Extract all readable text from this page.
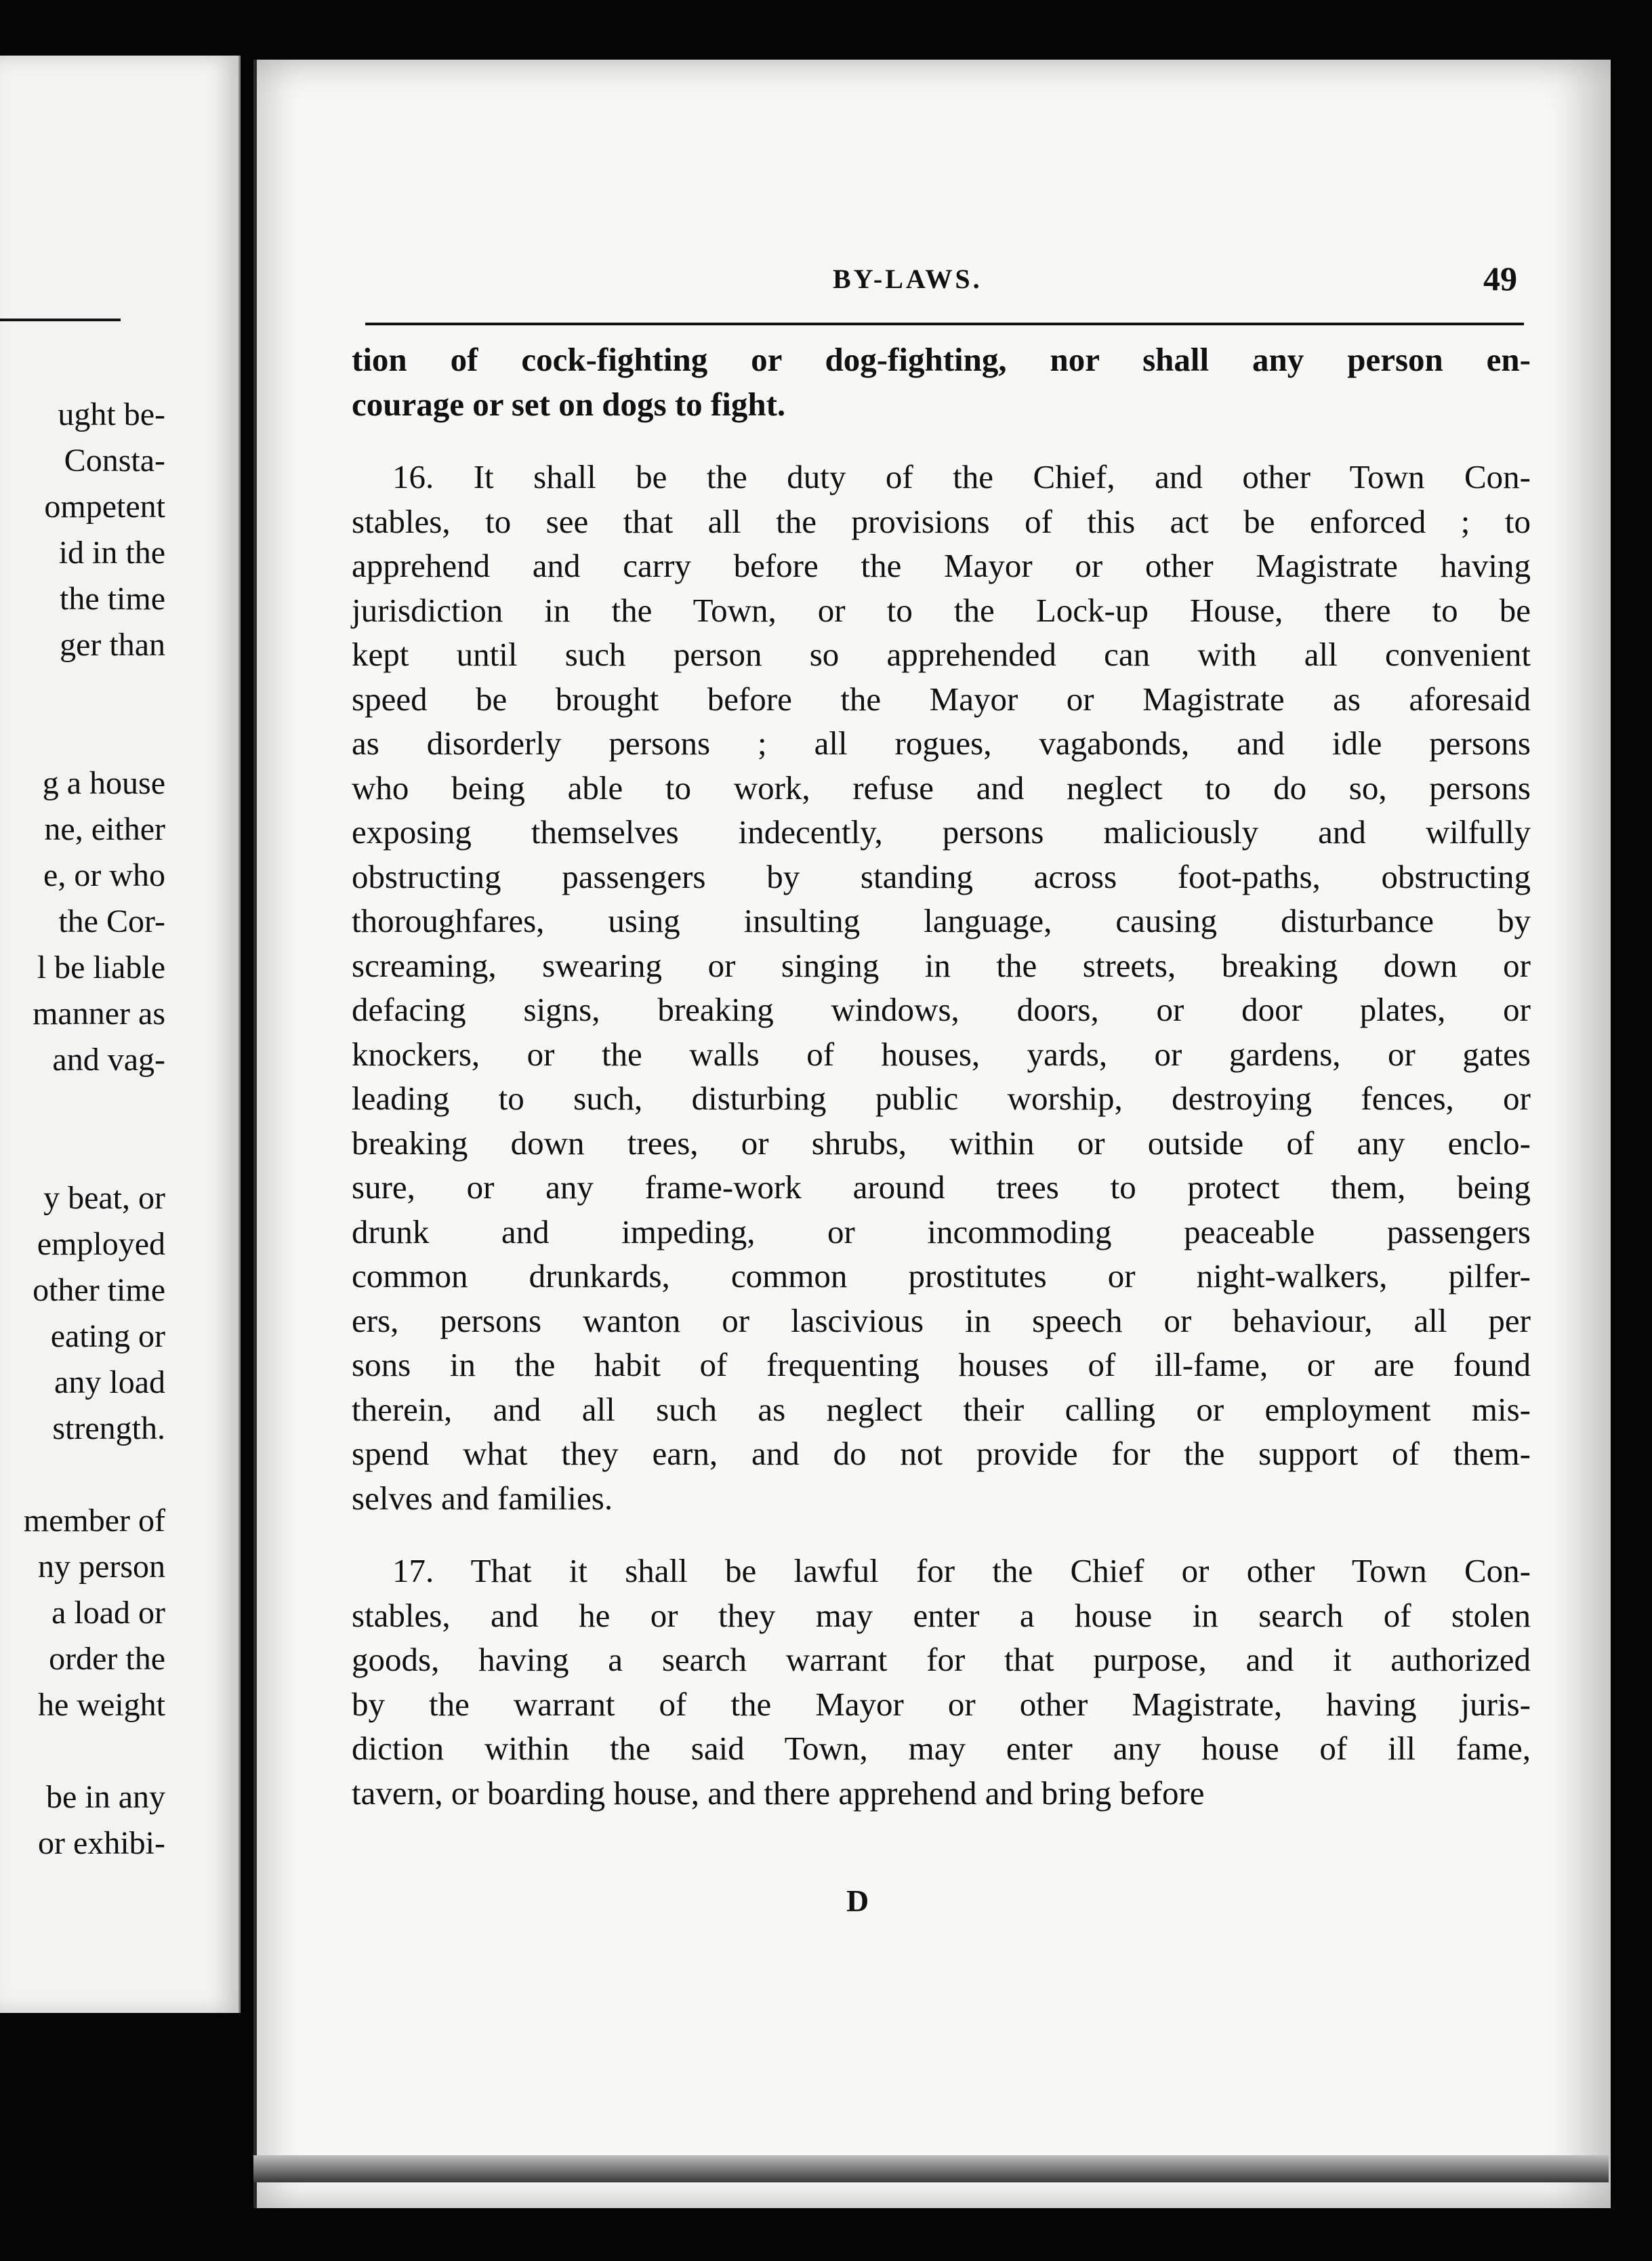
ught be-
Consta-
ompetent
id in the
the time
ger than
g a house
ne, either
e, or who
the Cor-
l be liable
manner as
and vag-
y beat, or
employed
other time
eating or
any load
strength.
member of
ny person
a load or
order the
he weight
be in any
or exhibi-
BY-LAWS.	49
tion of cock-fighting or dog-fighting, nor shall any person en-
courage or set on dogs to fight.
16. It shall be the duty of the Chief, and other Town Con-
stables, to see that all the provisions of this act be enforced ; to
apprehend and carry before the Mayor or other Magistrate having
jurisdiction in the Town, or to the Lock-up House, there to be
kept until such person so apprehended can with all convenient
speed be brought before the Mayor or Magistrate as aforesaid
as disorderly persons ; all rogues, vagabonds, and idle persons
who being able to work, refuse and neglect to do so, persons
exposing themselves indecently, persons maliciously and wilfully
obstructing passengers by standing across foot-paths, obstructing
thoroughfares, using insulting language, causing disturbance by
screaming, swearing or singing in the streets, breaking down or
defacing signs, breaking windows, doors, or door plates, or
knockers, or the walls of houses, yards, or gardens, or gates
leading to such, disturbing public worship, destroying fences, or
breaking down trees, or shrubs, within or outside of any enclo-
sure, or any frame-work around trees to protect them, being
drunk and impeding, or incommoding peaceable passengers
common drunkards, common prostitutes or night-walkers, pilfer-
ers, persons wanton or lascivious in speech or behaviour, all per
sons in the habit of frequenting houses of ill-fame, or are found
therein, and all such as neglect their calling or employment mis-
spend what they earn, and do not provide for the support of them-
selves and families.
17. That it shall be lawful for the Chief or other Town Con-
stables, and he or they may enter a house in search of stolen
goods, having a search warrant for that purpose, and it authorized
by the warrant of the Mayor or other Magistrate, having juris-
diction within the said Town, may enter any house of ill fame,
tavern, or boarding house, and there apprehend and bring before
D
